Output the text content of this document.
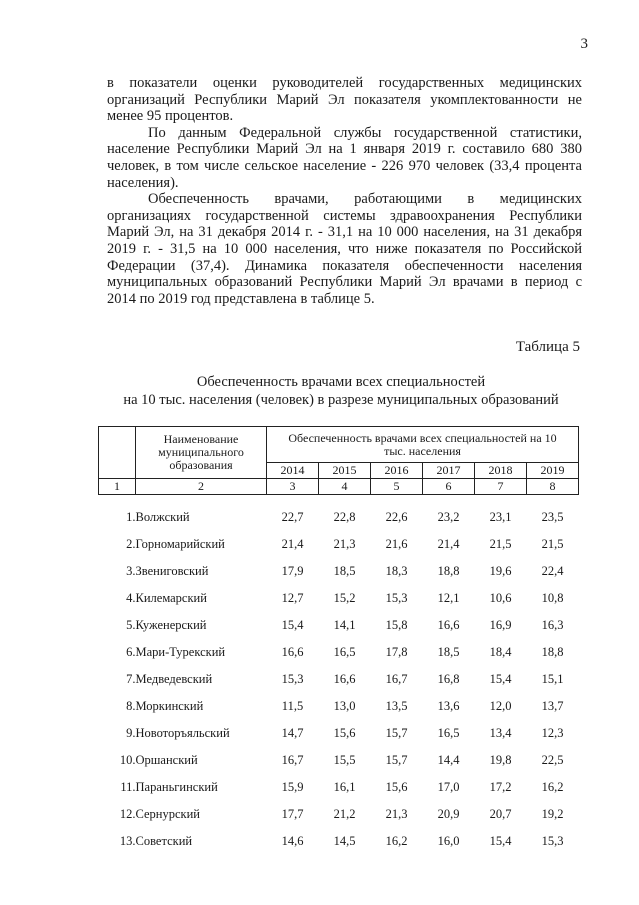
3

в показатели оценки руководителей государственных медицинских организаций Республики Марий Эл показателя укомплектованности не менее 95 процентов.

По данным Федеральной службы государственной статистики, население Республики Марий Эл на 1 января 2019 г. составило 680 380 человек, в том числе сельское население - 226 970 человек (33,4 процента населения).

Обеспеченность врачами, работающими в медицинских организациях государственной системы здравоохранения Республики Марий Эл, на 31 декабря 2014 г. - 31,1 на 10 000 населения, на 31 декабря 2019 г. - 31,5 на 10 000 населения, что ниже показателя по Российской Федерации (37,4). Динамика показателя обеспеченности населения муниципальных образований Республики Марий Эл врачами в период с 2014 по 2019 год представлена в таблице 5.

Таблица 5
Обеспеченность врачами всех специальностей
на 10 тыс. населения (человек) в разрезе муниципальных образований
	Наименование муниципального образования	Обеспеченность врачами всех специальностей на 10 тыс. населения					
		2014	2015	2016	2017	2018	2019
1	2	3	4	5	6	7	8
1.	Волжский	22,7	22,8	22,6	23,2	23,1	23,5
2.	Горномарийский	21,4	21,3	21,6	21,4	21,5	21,5
3.	Звениговский	17,9	18,5	18,3	18,8	19,6	22,4
4.	Килемарский	12,7	15,2	15,3	12,1	10,6	10,8
5.	Куженерский	15,4	14,1	15,8	16,6	16,9	16,3
6.	Мари-Турекский	16,6	16,5	17,8	18,5	18,4	18,8
7.	Медведевский	15,3	16,6	16,7	16,8	15,4	15,1
8.	Моркинский	11,5	13,0	13,5	13,6	12,0	13,7
9.	Новоторъяльский	14,7	15,6	15,7	16,5	13,4	12,3
10.	Оршанский	16,7	15,5	15,7	14,4	19,8	22,5
11.	Параньгинский	15,9	16,1	15,6	17,0	17,2	16,2
12.	Сернурский	17,7	21,2	21,3	20,9	20,7	19,2
13.	Советский	14,6	14,5	16,2	16,0	15,4	15,3
